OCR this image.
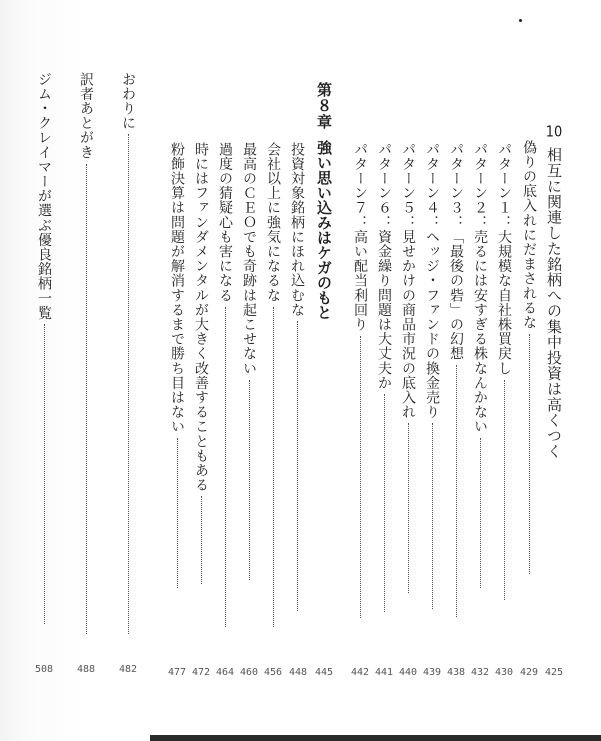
10相互に関連した銘柄への集中投資は高くつく
425
偽りの底入れにだまされるな
429
パターン１：大規模な自社株買戻し
430
パターン２：売るには安すぎる株なんかない
432
パターン３：「最後の砦」の幻想
438
パターン４：ヘッジ・ファンドの換金売り
439
パターン５：見せかけの商品市況の底入れ
440
パターン６：資金繰り問題は大丈夫か
441
パターン７：高い配当利回り
442
第８章強い思い込みはケガのもと
445
投資対象銘柄にほれ込むな
448
会社以上に強気になるな
456
最高のＣＥＯでも奇跡は起こせない
460
過度の猜疑心も害になる
464
時にはファンダメンタルが大きく改善することもある
472
粉飾決算は問題が解消するまで勝ち目はない
477
おわりに
482
訳者あとがき
488
ジム・クレイマーが選ぶ優良銘柄一覧
508
